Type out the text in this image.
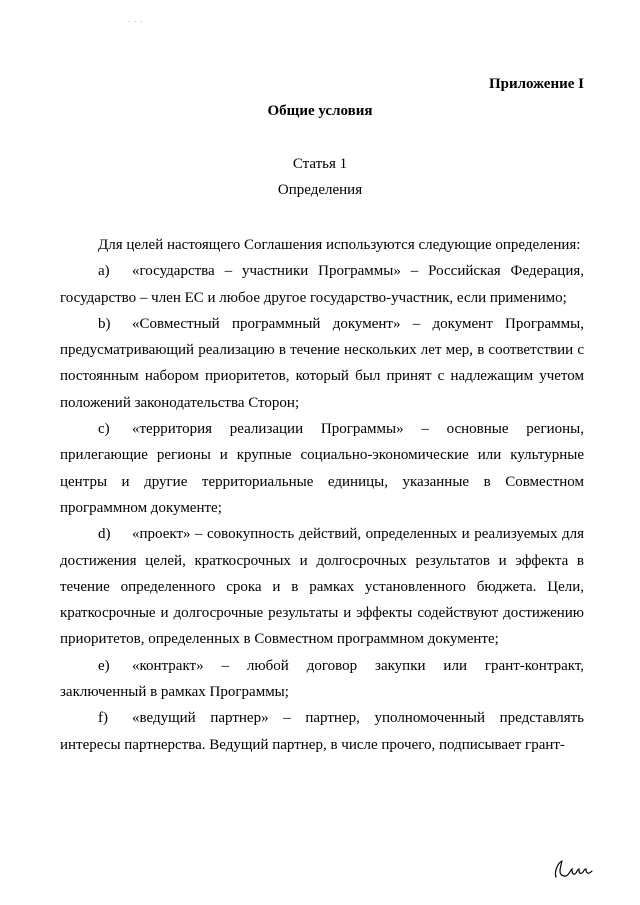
· · ·
Приложение I
Общие условия
Статья 1
Определения

Для целей настоящего Соглашения используются следующие определения:

a) «государства – участники Программы» – Российская Федерация, государство – член ЕС и любое другое государство-участник, если применимо;

b) «Совместный программный документ» – документ Программы, предусматривающий реализацию в течение нескольких лет мер, в соответствии с постоянным набором приоритетов, который был принят с надлежащим учетом положений законодательства Сторон;

c) «территория реализации Программы» – основные регионы, прилегающие регионы и крупные социально-экономические или культурные центры и другие территориальные единицы, указанные в Совместном программном документе;

d) «проект» – совокупность действий, определенных и реализуемых для достижения целей, краткосрочных и долгосрочных результатов и эффекта в течение определенного срока и в рамках установленного бюджета. Цели, краткосрочные и долгосрочные результаты и эффекты содействуют достижению приоритетов, определенных в Совместном программном документе;

e) «контракт» – любой договор закупки или грант-контракт, заключенный в рамках Программы;

f) «ведущий партнер» – партнер, уполномоченный представлять интересы партнерства. Ведущий партнер, в числе прочего, подписывает грант-
